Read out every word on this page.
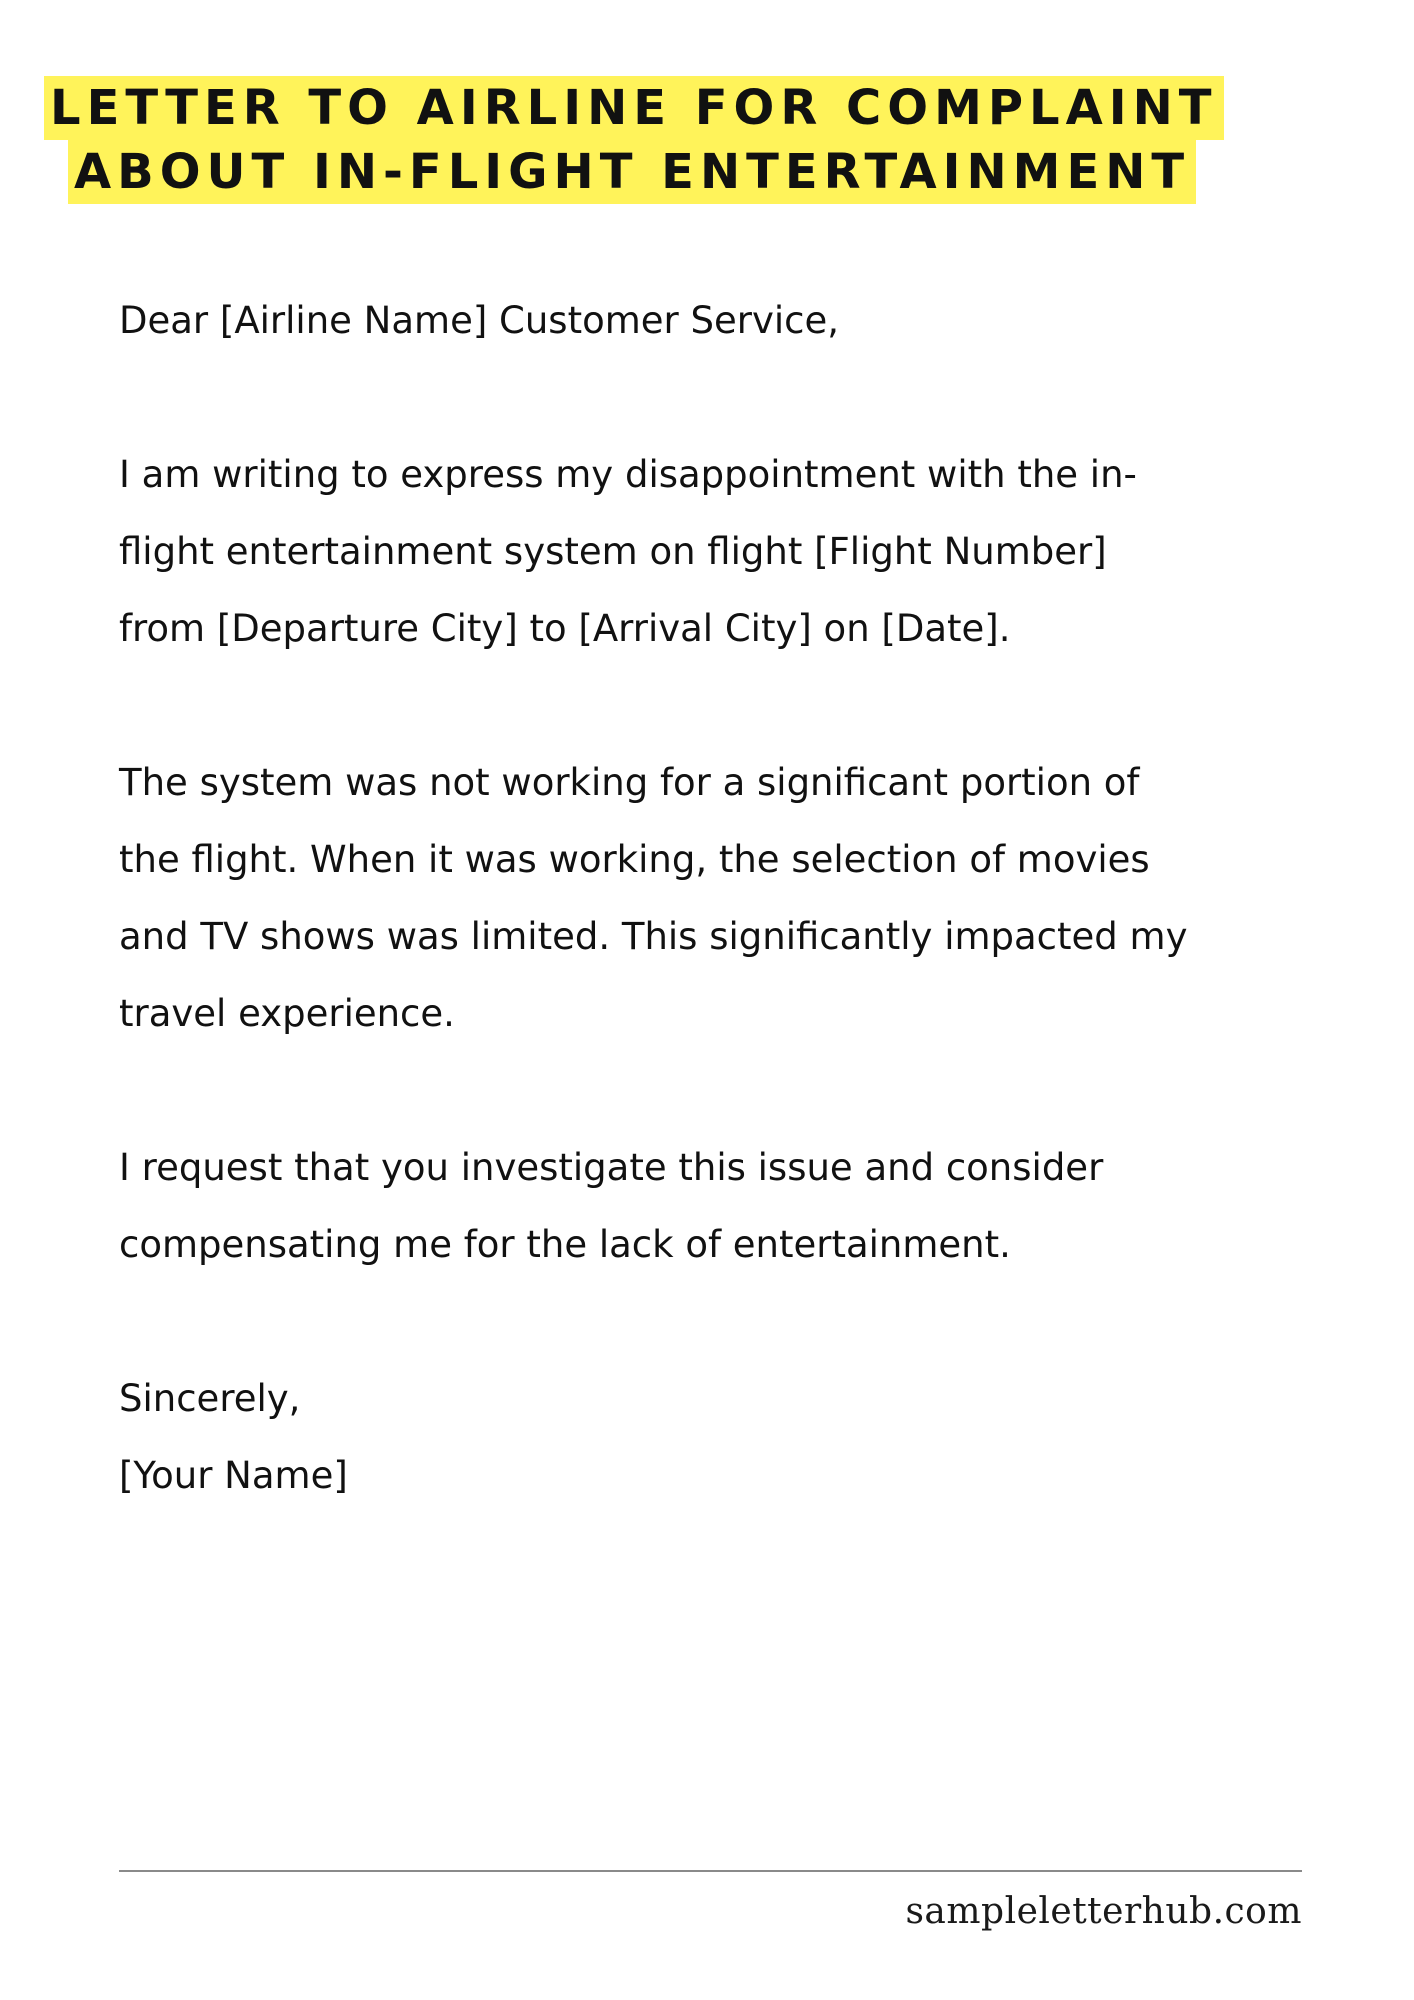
LETTER TO AIRLINE FOR COMPLAINT
ABOUT IN-FLIGHT ENTERTAINMENT

Dear [Airline Name] Customer Service,

I am writing to express my disappointment with the in-

flight entertainment system on flight [Flight Number]

from [Departure City] to [Arrival City] on [Date].

The system was not working for a significant portion of

the flight. When it was working, the selection of movies

and TV shows was limited. This significantly impacted my

travel experience.

I request that you investigate this issue and consider

compensating me for the lack of entertainment.

Sincerely,

[Your Name]

sampleletterhub.com
